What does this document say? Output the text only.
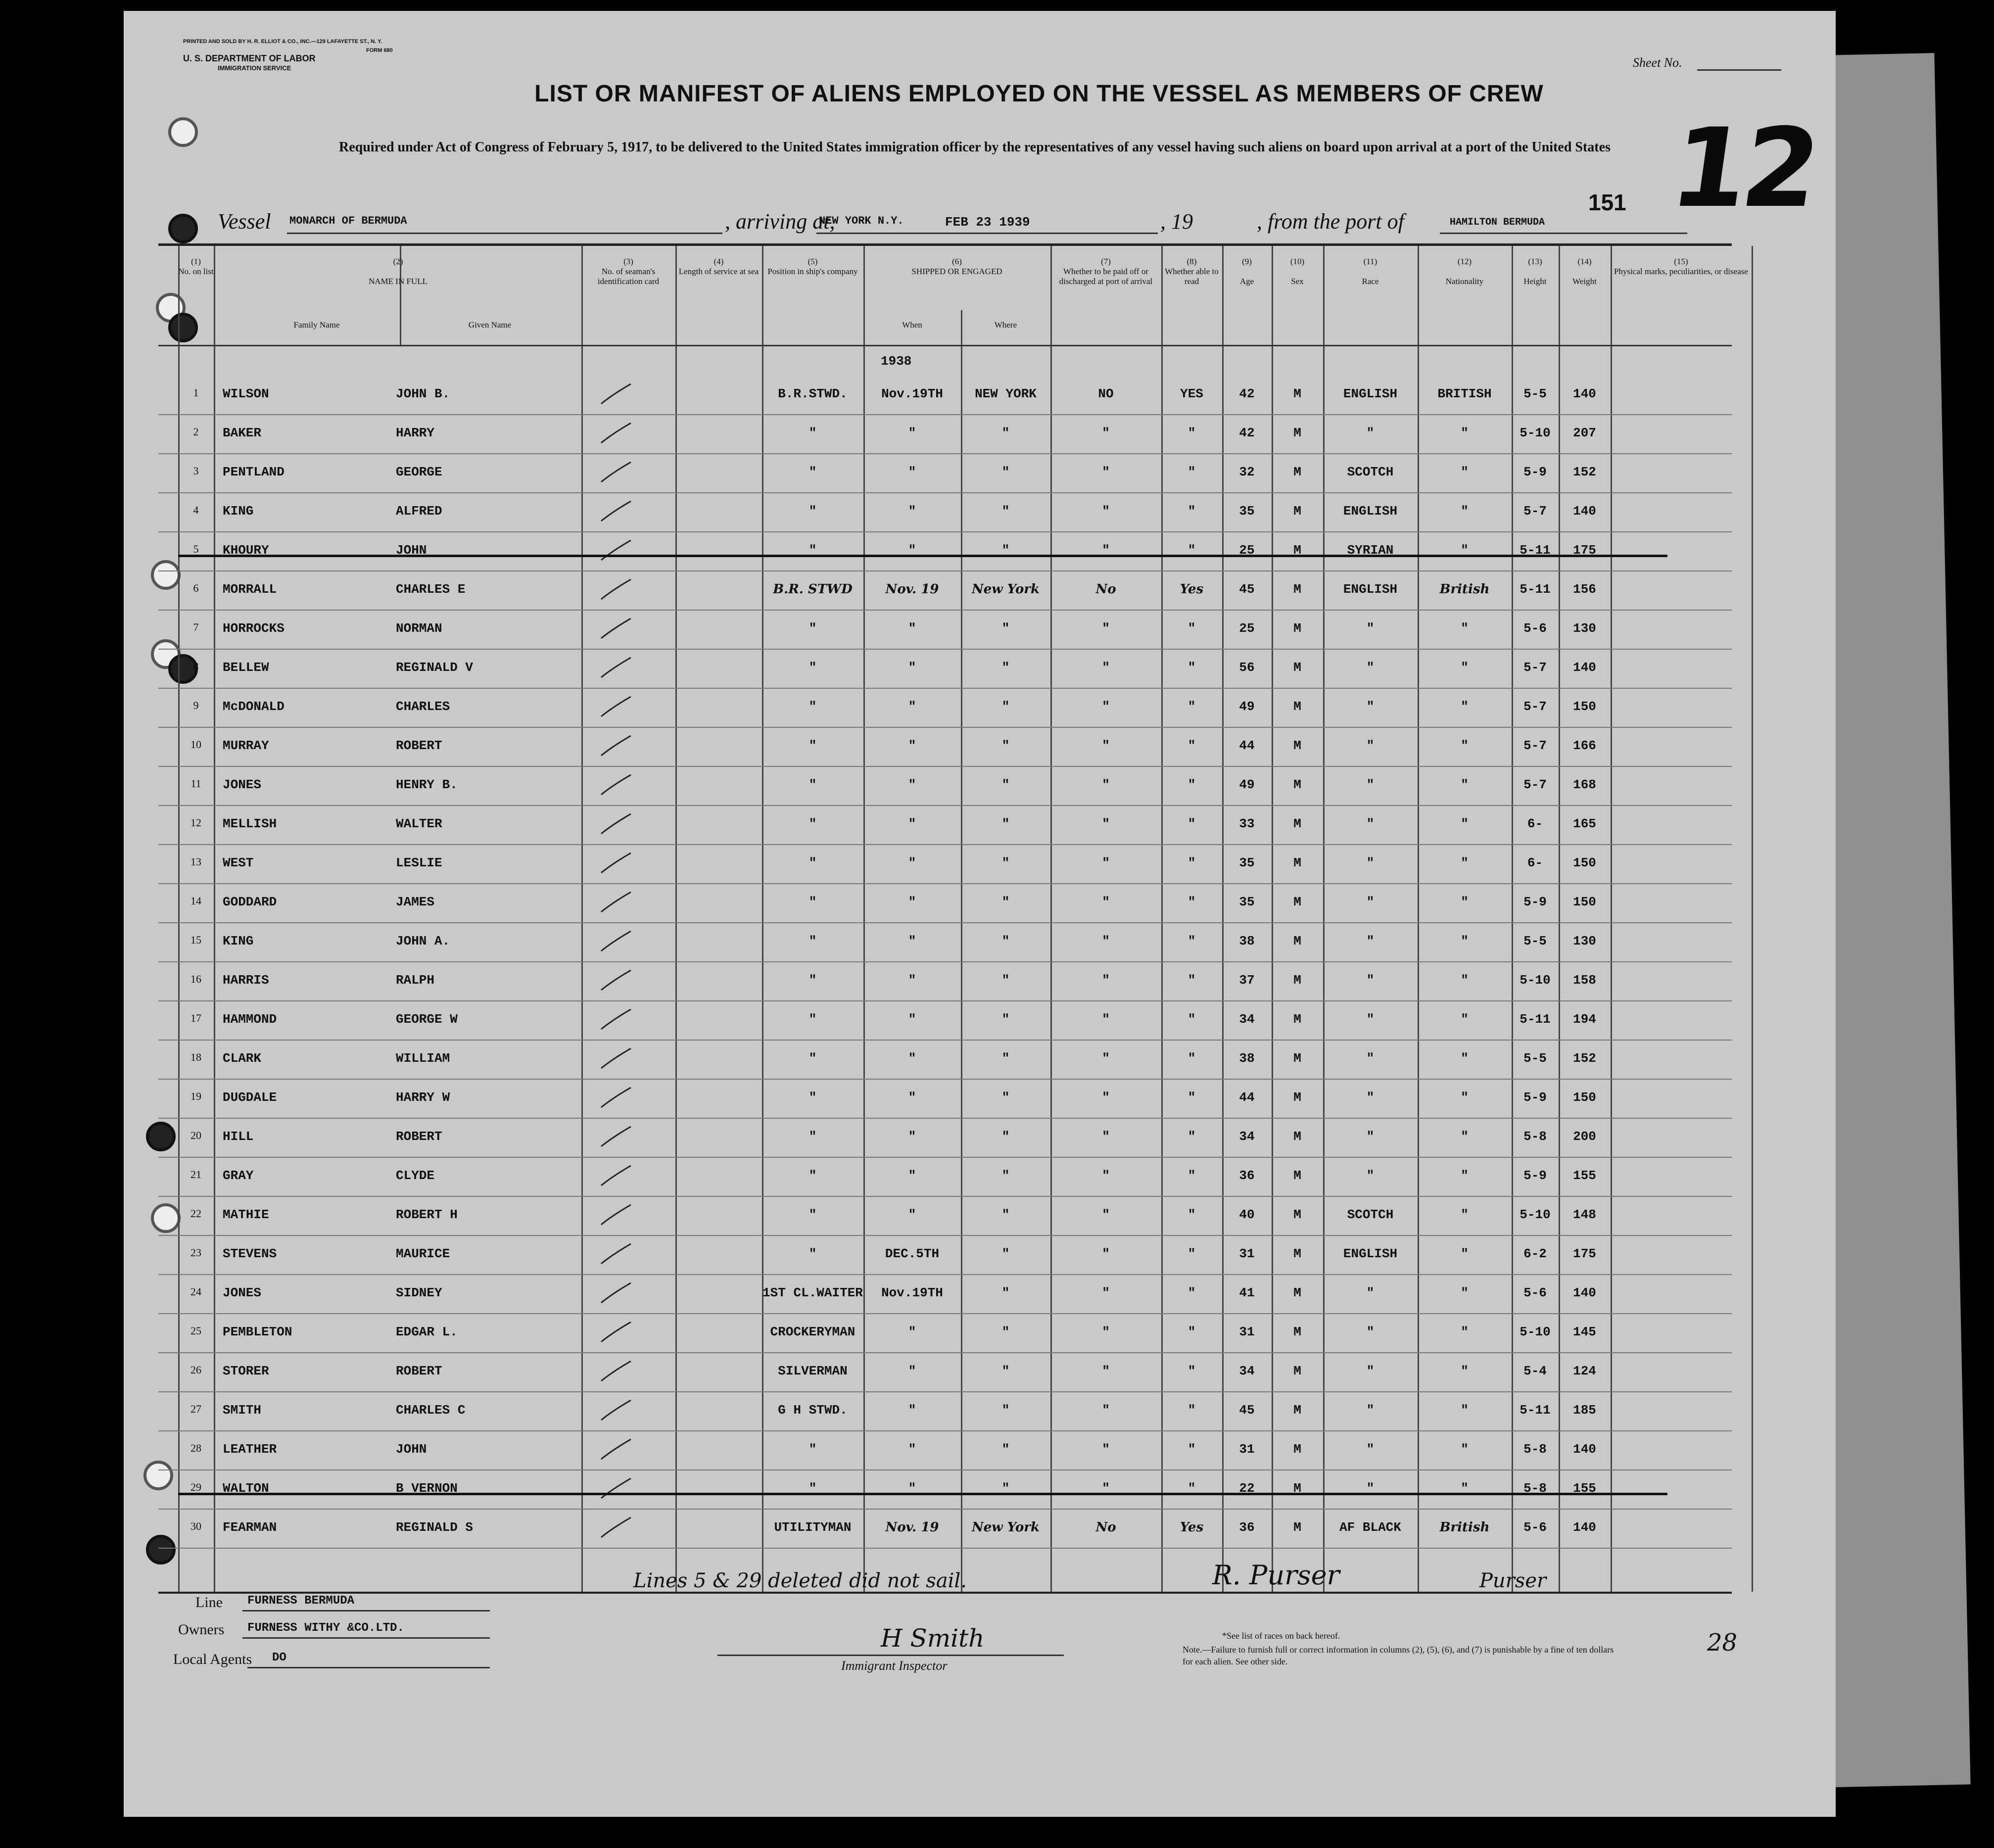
PRINTED AND SOLD BY H. R. ELLIOT & CO., INC.—129 LAFAYETTE ST., N. Y.
FORM 680
U. S. DEPARTMENT OF LABOR
IMMIGRATION SERVICE	Sheet No.
LIST OR MANIFEST OF ALIENS EMPLOYED ON THE VESSEL AS MEMBERS OF CREW
Required under Act of Congress of February 5, 1917, to be delivered to the United States immigration officer by the representatives of any vessel having such aliens on board upon arrival at a port of the United States 12
Vessel MONARCH OF BERMUDA	, arriving at,
NEW YORK N.Y.	FEB 23 1939	, 19	, from the port of	HAMILTON BERMUDA
151
(1)
No. on list
(2)

NAME IN FULL
Family Name	Given Name
(3)
No. of seaman's identification card
(4)
Length of service at sea
(5)
Position in ship's company
(6)
SHIPPED OR ENGAGED
When	Where
(7)
Whether to be paid off or discharged at port of arrival
(8)
Whether able to read
(9)

Age
(10)

Sex
(11)

Race
(12)

Nationality
(13)

Height
(14)

Weight
(15)
Physical marks, peculiarities, or disease
1938
1	WILSON	JOHN B.	B.R.STWD.	Nov.19TH	NEW YORK	NO	YES	42	M	ENGLISH	BRITISH	5-5	140
2	BAKER	HARRY	"	"	"	"	"	42	M	"	"	5-10	207
3	PENTLAND	GEORGE	"	"	"	"	"	32	M	SCOTCH	"	5-9	152
4	KING	ALFRED	"	"	"	"	"	35	M	ENGLISH	"	5-7	140
5	KHOURY	JOHN	"	"	"	"	"	25	M	SYRIAN	"	5-11	175
6	MORRALL	CHARLES E	B.R. STWD	Nov. 19	New York	No	Yes	45	M	ENGLISH	British	5-11	156
7	HORROCKS	NORMAN	"	"	"	"	"	25	M	"	"	5-6	130
8	BELLEW	REGINALD V	"	"	"	"	"	56	M	"	"	5-7	140
9	McDONALD	CHARLES	"	"	"	"	"	49	M	"	"	5-7	150
10	MURRAY	ROBERT	"	"	"	"	"	44	M	"	"	5-7	166
11	JONES	HENRY B.	"	"	"	"	"	49	M	"	"	5-7	168
12	MELLISH	WALTER	"	"	"	"	"	33	M	"	"	6-	165
13	WEST	LESLIE	"	"	"	"	"	35	M	"	"	6-	150
14	GODDARD	JAMES	"	"	"	"	"	35	M	"	"	5-9	150
15	KING	JOHN A.	"	"	"	"	"	38	M	"	"	5-5	130
16	HARRIS	RALPH	"	"	"	"	"	37	M	"	"	5-10	158
17	HAMMOND	GEORGE W	"	"	"	"	"	34	M	"	"	5-11	194
18	CLARK	WILLIAM	"	"	"	"	"	38	M	"	"	5-5	152
19	DUGDALE	HARRY W	"	"	"	"	"	44	M	"	"	5-9	150
20	HILL	ROBERT	"	"	"	"	"	34	M	"	"	5-8	200
21	GRAY	CLYDE	"	"	"	"	"	36	M	"	"	5-9	155
22	MATHIE	ROBERT H	"	"	"	"	"	40	M	SCOTCH	"	5-10	148
23	STEVENS	MAURICE	"	DEC.5TH	"	"	"	31	M	ENGLISH	"	6-2	175
24	JONES	SIDNEY	1ST CL.WAITER	Nov.19TH	"	"	"	41	M	"	"	5-6	140
25	PEMBLETON	EDGAR L.	CROCKERYMAN	"	"	"	"	31	M	"	"	5-10	145
26	STORER	ROBERT	SILVERMAN	"	"	"	"	34	M	"	"	5-4	124
27	SMITH	CHARLES C	G H STWD.	"	"	"	"	45	M	"	"	5-11	185
28	LEATHER	JOHN	"	"	"	"	"	31	M	"	"	5-8	140
29	WALTON	B VERNON	"	"	"	"	"	22	M	"	"	5-8	155
30	FEARMAN	REGINALD S	UTILITYMAN	Nov. 19	New York	No	Yes	36	M	AF BLACK	British	5-6	140
Lines 5 & 29 deleted did not sail.	R. Purser	Purser
Line FURNESS BERMUDA
Owners FURNESS WITHY &CO.LTD.
Local Agents DO
H Smith
Immigrant Inspector
*See list of races on back hereof.
Note.—Failure to furnish full or correct information in columns (2), (5), (6), and (7) is punishable by a fine of ten dollars for each alien. See other side.
28
